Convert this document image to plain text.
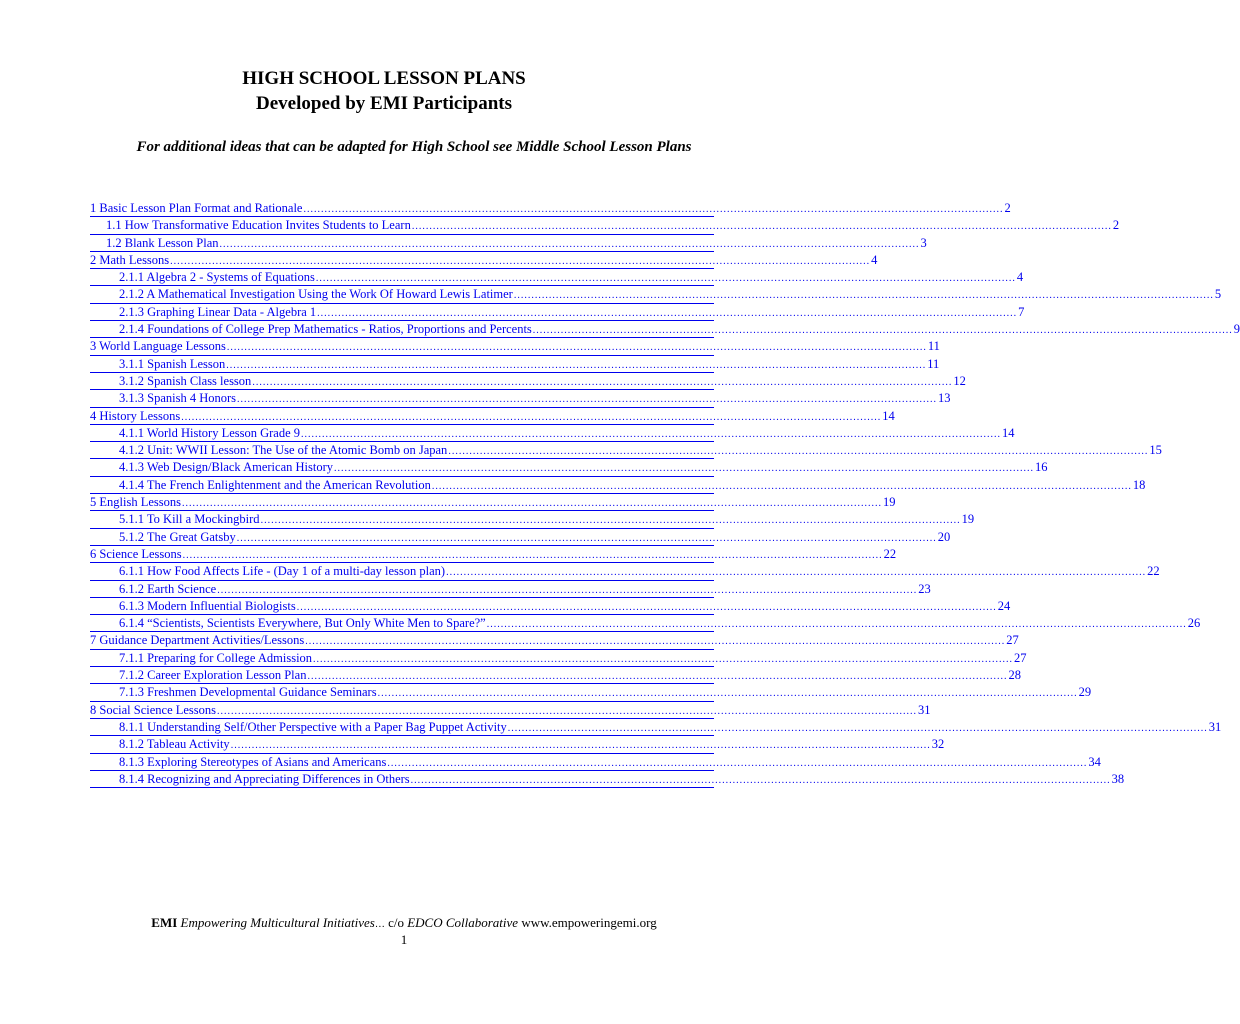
HIGH SCHOOL LESSON PLANS
Developed by EMI Participants
For additional ideas that can be adapted for High School see Middle School Lesson Plans
1 Basic Lesson Plan Format and Rationale ........................................................................................................................................................................................................ 2
1.1 How Transformative Education Invites Students to Learn ........................................................................................................................................................................................................ 2
1.2 Blank Lesson Plan ........................................................................................................................................................................................................ 3
2 Math Lessons ........................................................................................................................................................................................................ 4
2.1.1 Algebra 2 - Systems of Equations ........................................................................................................................................................................................................ 4
2.1.2 A Mathematical Investigation Using the Work Of Howard Lewis Latimer ........................................................................................................................................................................................................ 5
2.1.3 Graphing Linear Data - Algebra 1 ........................................................................................................................................................................................................ 7
2.1.4 Foundations of College Prep Mathematics - Ratios, Proportions and Percents ........................................................................................................................................................................................................ 9
3 World Language Lessons ........................................................................................................................................................................................................ 11
3.1.1 Spanish Lesson ........................................................................................................................................................................................................ 11
3.1.2 Spanish Class lesson ........................................................................................................................................................................................................ 12
3.1.3 Spanish 4 Honors ........................................................................................................................................................................................................ 13
4 History Lessons ........................................................................................................................................................................................................ 14
4.1.1 World History Lesson Grade 9 ........................................................................................................................................................................................................ 14
4.1.2 Unit: WWII Lesson: The Use of the Atomic Bomb on Japan ........................................................................................................................................................................................................ 15
4.1.3 Web Design/Black American History ........................................................................................................................................................................................................ 16
4.1.4 The French Enlightenment and the American Revolution ........................................................................................................................................................................................................ 18
5 English Lessons ........................................................................................................................................................................................................ 19
5.1.1 To Kill a Mockingbird ........................................................................................................................................................................................................ 19
5.1.2 The Great Gatsby ........................................................................................................................................................................................................ 20
6 Science Lessons ........................................................................................................................................................................................................ 22
6.1.1 How Food Affects Life - (Day 1 of a multi-day lesson plan) ........................................................................................................................................................................................................ 22
6.1.2 Earth Science ........................................................................................................................................................................................................ 23
6.1.3 Modern Influential Biologists ........................................................................................................................................................................................................ 24
6.1.4 “Scientists, Scientists Everywhere, But Only White Men to Spare?” ........................................................................................................................................................................................................ 26
7 Guidance Department Activities/Lessons ........................................................................................................................................................................................................ 27
7.1.1 Preparing for College Admission ........................................................................................................................................................................................................ 27
7.1.2 Career Exploration Lesson Plan ........................................................................................................................................................................................................ 28
7.1.3 Freshmen Developmental Guidance Seminars ........................................................................................................................................................................................................ 29
8 Social Science Lessons ........................................................................................................................................................................................................ 31
8.1.1 Understanding Self/Other Perspective with a Paper Bag Puppet Activity ........................................................................................................................................................................................................ 31
8.1.2 Tableau Activity ........................................................................................................................................................................................................ 32
8.1.3 Exploring Stereotypes of Asians and Americans ........................................................................................................................................................................................................ 34
8.1.4 Recognizing and Appreciating Differences in Others ........................................................................................................................................................................................................ 38
EMI Empowering Multicultural Initiatives… c/o EDCO Collaborative www.empoweringemi.org
1
